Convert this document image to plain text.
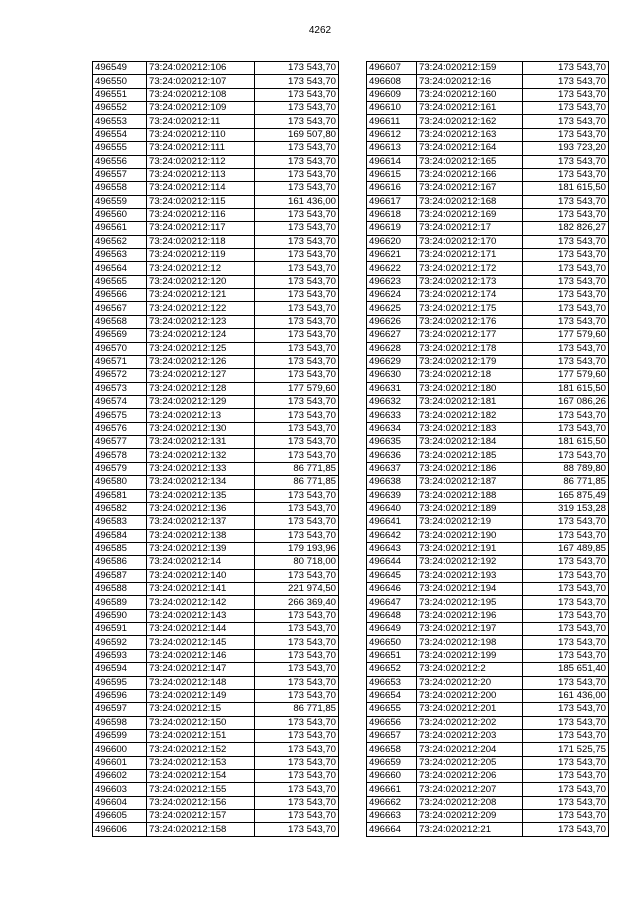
4262
496549	73:24:020212:106	173 543,70
496550	73:24:020212:107	173 543,70
496551	73:24:020212:108	173 543,70
496552	73:24:020212:109	173 543,70
496553	73:24:020212:11	173 543,70
496554	73:24:020212:110	169 507,80
496555	73:24:020212:111	173 543,70
496556	73:24:020212:112	173 543,70
496557	73:24:020212:113	173 543,70
496558	73:24:020212:114	173 543,70
496559	73:24:020212:115	161 436,00
496560	73:24:020212:116	173 543,70
496561	73:24:020212:117	173 543,70
496562	73:24:020212:118	173 543,70
496563	73:24:020212:119	173 543,70
496564	73:24:020212:12	173 543,70
496565	73:24:020212:120	173 543,70
496566	73:24:020212:121	173 543,70
496567	73:24:020212:122	173 543,70
496568	73:24:020212:123	173 543,70
496569	73:24:020212:124	173 543,70
496570	73:24:020212:125	173 543,70
496571	73:24:020212:126	173 543,70
496572	73:24:020212:127	173 543,70
496573	73:24:020212:128	177 579,60
496574	73:24:020212:129	173 543,70
496575	73:24:020212:13	173 543,70
496576	73:24:020212:130	173 543,70
496577	73:24:020212:131	173 543,70
496578	73:24:020212:132	173 543,70
496579	73:24:020212:133	86 771,85
496580	73:24:020212:134	86 771,85
496581	73:24:020212:135	173 543,70
496582	73:24:020212:136	173 543,70
496583	73:24:020212:137	173 543,70
496584	73:24:020212:138	173 543,70
496585	73:24:020212:139	179 193,96
496586	73:24:020212:14	80 718,00
496587	73:24:020212:140	173 543,70
496588	73:24:020212:141	221 974,50
496589	73:24:020212:142	266 369,40
496590	73:24:020212:143	173 543,70
496591	73:24:020212:144	173 543,70
496592	73:24:020212:145	173 543,70
496593	73:24:020212:146	173 543,70
496594	73:24:020212:147	173 543,70
496595	73:24:020212:148	173 543,70
496596	73:24:020212:149	173 543,70
496597	73:24:020212:15	86 771,85
496598	73:24:020212:150	173 543,70
496599	73:24:020212:151	173 543,70
496600	73:24:020212:152	173 543,70
496601	73:24:020212:153	173 543,70
496602	73:24:020212:154	173 543,70
496603	73:24:020212:155	173 543,70
496604	73:24:020212:156	173 543,70
496605	73:24:020212:157	173 543,70
496606	73:24:020212:158	173 543,70
496607	73:24:020212:159	173 543,70
496608	73:24:020212:16	173 543,70
496609	73:24:020212:160	173 543,70
496610	73:24:020212:161	173 543,70
496611	73:24:020212:162	173 543,70
496612	73:24:020212:163	173 543,70
496613	73:24:020212:164	193 723,20
496614	73:24:020212:165	173 543,70
496615	73:24:020212:166	173 543,70
496616	73:24:020212:167	181 615,50
496617	73:24:020212:168	173 543,70
496618	73:24:020212:169	173 543,70
496619	73:24:020212:17	182 826,27
496620	73:24:020212:170	173 543,70
496621	73:24:020212:171	173 543,70
496622	73:24:020212:172	173 543,70
496623	73:24:020212:173	173 543,70
496624	73:24:020212:174	173 543,70
496625	73:24:020212:175	173 543,70
496626	73:24:020212:176	173 543,70
496627	73:24:020212:177	177 579,60
496628	73:24:020212:178	173 543,70
496629	73:24:020212:179	173 543,70
496630	73:24:020212:18	177 579,60
496631	73:24:020212:180	181 615,50
496632	73:24:020212:181	167 086,26
496633	73:24:020212:182	173 543,70
496634	73:24:020212:183	173 543,70
496635	73:24:020212:184	181 615,50
496636	73:24:020212:185	173 543,70
496637	73:24:020212:186	88 789,80
496638	73:24:020212:187	86 771,85
496639	73:24:020212:188	165 875,49
496640	73:24:020212:189	319 153,28
496641	73:24:020212:19	173 543,70
496642	73:24:020212:190	173 543,70
496643	73:24:020212:191	167 489,85
496644	73:24:020212:192	173 543,70
496645	73:24:020212:193	173 543,70
496646	73:24:020212:194	173 543,70
496647	73:24:020212:195	173 543,70
496648	73:24:020212:196	173 543,70
496649	73:24:020212:197	173 543,70
496650	73:24:020212:198	173 543,70
496651	73:24:020212:199	173 543,70
496652	73:24:020212:2	185 651,40
496653	73:24:020212:20	173 543,70
496654	73:24:020212:200	161 436,00
496655	73:24:020212:201	173 543,70
496656	73:24:020212:202	173 543,70
496657	73:24:020212:203	173 543,70
496658	73:24:020212:204	171 525,75
496659	73:24:020212:205	173 543,70
496660	73:24:020212:206	173 543,70
496661	73:24:020212:207	173 543,70
496662	73:24:020212:208	173 543,70
496663	73:24:020212:209	173 543,70
496664	73:24:020212:21	173 543,70
